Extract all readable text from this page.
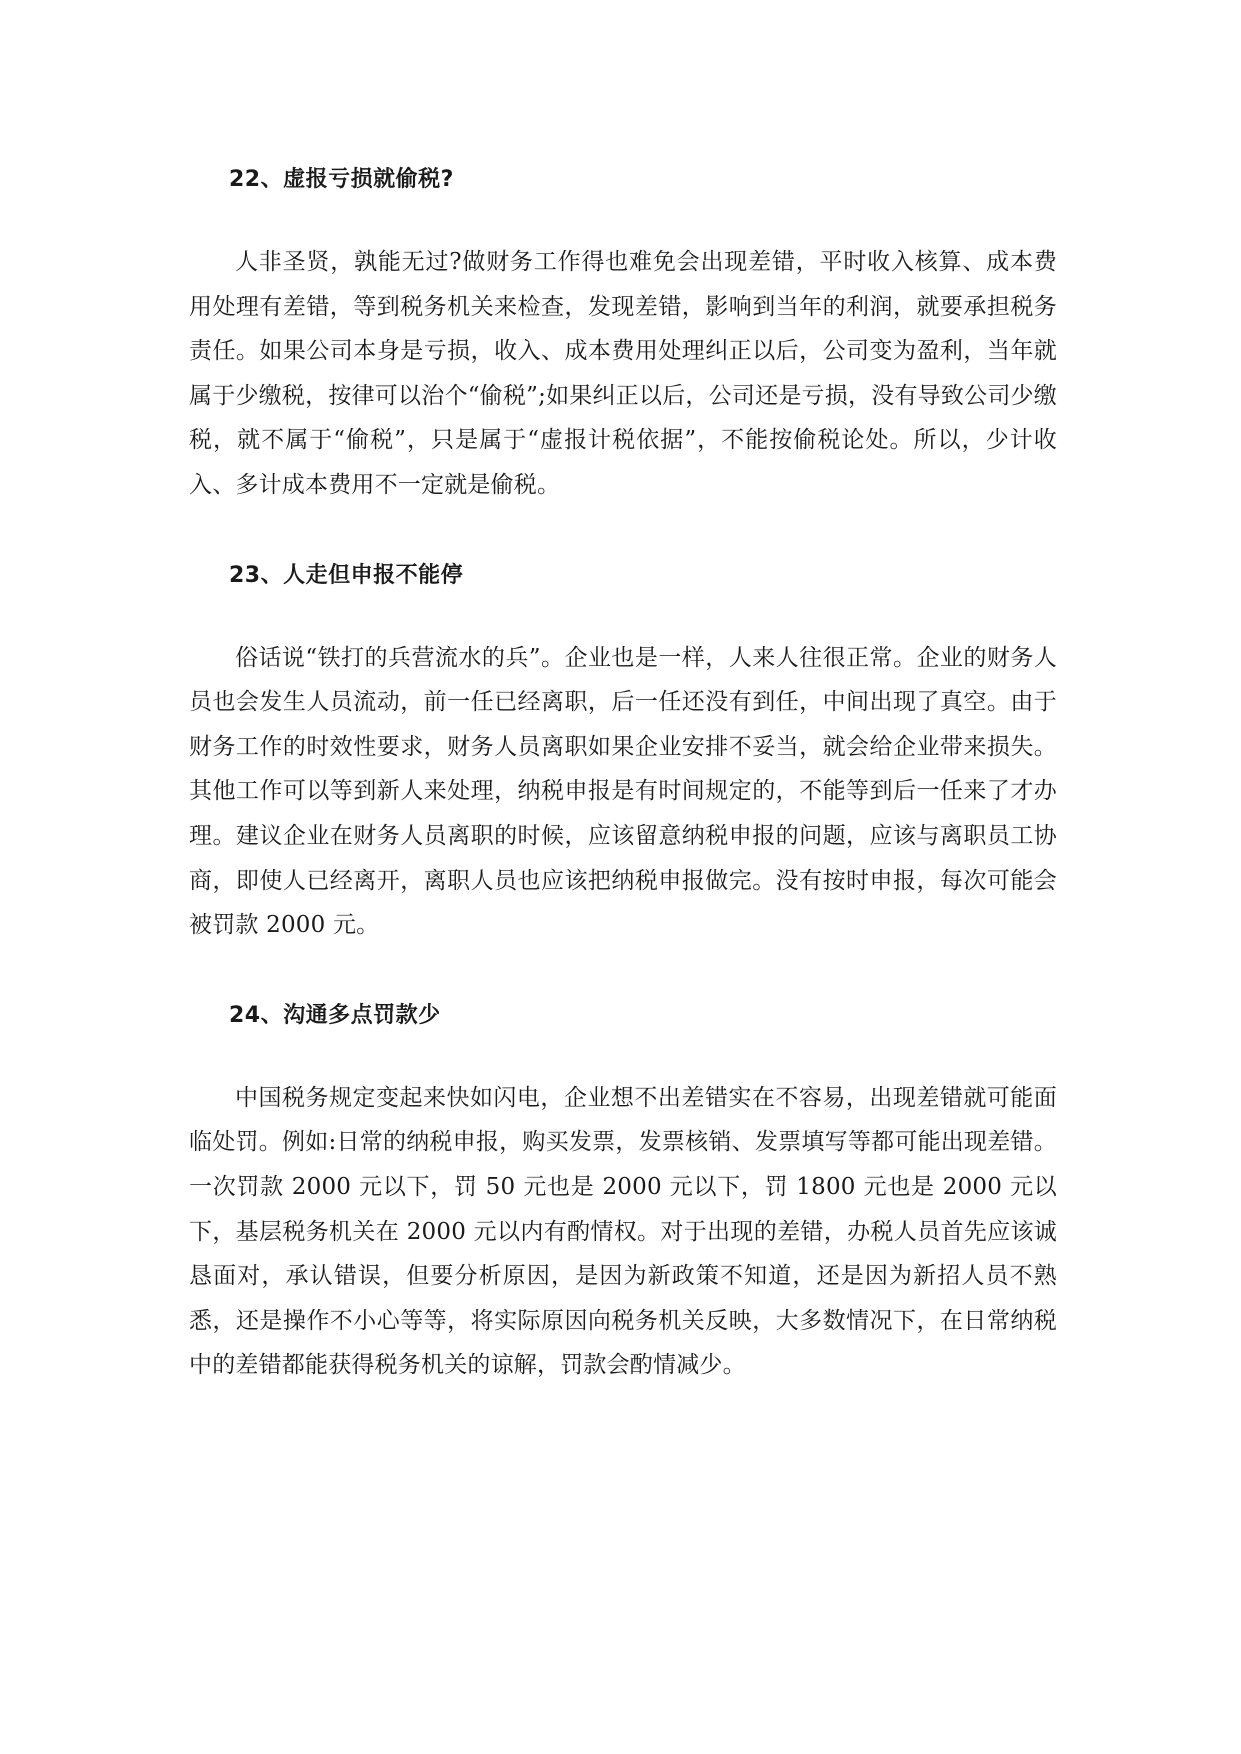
22、虚报亏损就偷税?

人非圣贤，孰能无过?做财务工作得也难免会出现差错，平时收入核算、成本费用处理有差错，等到税务机关来检查，发现差错，影响到当年的利润，就要承担税务责任。如果公司本身是亏损，收入、成本费用处理纠正以后，公司变为盈利，当年就属于少缴税，按律可以治个“偷税”;如果纠正以后，公司还是亏损，没有导致公司少缴税，就不属于“偷税”，只是属于“虚报计税依据”，不能按偷税论处。所以，少计收入、多计成本费用不一定就是偷税。

23、人走但申报不能停

俗话说“铁打的兵营流水的兵”。企业也是一样，人来人往很正常。企业的财务人员也会发生人员流动，前一任已经离职，后一任还没有到任，中间出现了真空。由于财务工作的时效性要求，财务人员离职如果企业安排不妥当，就会给企业带来损失。其他工作可以等到新人来处理，纳税申报是有时间规定的，不能等到后一任来了才办理。建议企业在财务人员离职的时候，应该留意纳税申报的问题，应该与离职员工协商，即使人已经离开，离职人员也应该把纳税申报做完。没有按时申报，每次可能会被罚款 2000 元。

24、沟通多点罚款少

中国税务规定变起来快如闪电，企业想不出差错实在不容易，出现差错就可能面临处罚。例如:日常的纳税申报，购买发票，发票核销、发票填写等都可能出现差错。一次罚款 2000 元以下，罚 50 元也是 2000 元以下，罚 1800 元也是 2000 元以下，基层税务机关在 2000 元以内有酌情权。对于出现的差错，办税人员首先应该诚恳面对，承认错误，但要分析原因，是因为新政策不知道，还是因为新招人员不熟悉，还是操作不小心等等，将实际原因向税务机关反映，大多数情况下，在日常纳税中的差错都能获得税务机关的谅解，罚款会酌情减少。
